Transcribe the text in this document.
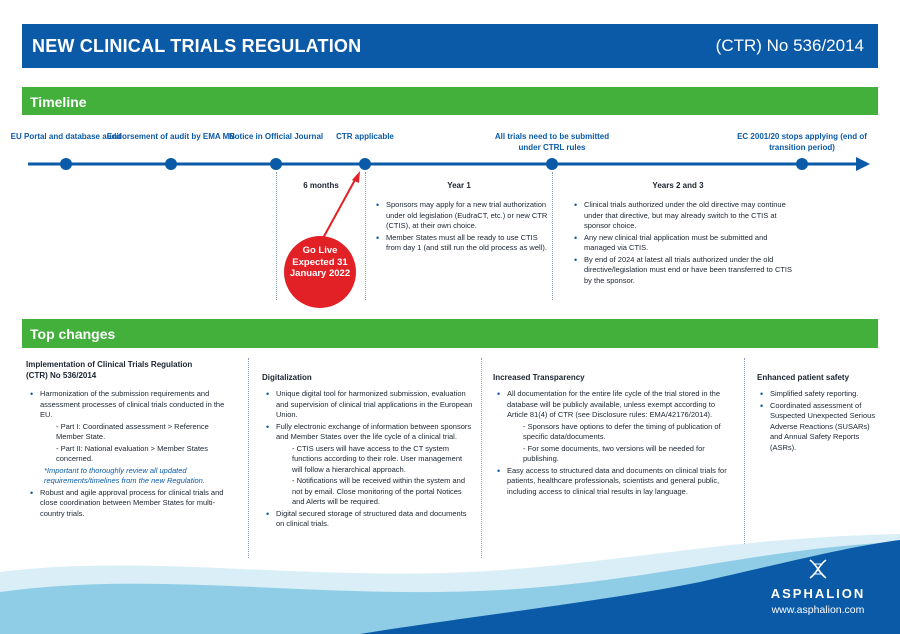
NEW CLINICAL TRIALS REGULATION	(CTR) No 536/2014
Timeline
EU Portal and database audit
Endorsement of audit by EMA MB
Notice in Official Journal	CTR applicable	All trials need to be submitted under CTRL rules
EC 2001/20 stops applying (end of transition period)
6 months	Year 1	Years 2 and 3
Go Live Expected 31 January 2022
• Sponsors may apply for a new trial authorization under old legislation (EudraCT, etc.) or new CTR (CTIS), at their own choice.
• Member States must all be ready to use CTIS from day 1 (and still run the old process as well).
• Clinical trials authorized under the old directive may continue under that directive, but may already switch to the CTIS at sponsor choice.
• Any new clinical trial application must be submitted and managed via CTIS.
• By end of 2024 at latest all trials authorized under the old directive/legislation must end or have been transferred to CTIS by the sponsor.
Top changes
Implementation of Clinical Trials Regulation (CTR) No 536/2014
• Harmonization of the submission requirements and assessment processes of clinical trials conducted in the EU.
- Part I: Coordinated assessment > Reference Member State.
- Part II: National evaluation > Member States concerned.
*Important to thoroughly review all updated requirements/timelines from the new Regulation.
• Robust and agile approval process for clinical trials and close coordination between Member States for multi-country trials.
Digitalization
• Unique digital tool for harmonized submission, evaluation and supervision of clinical trial applications in the European Union.
• Fully electronic exchange of information between sponsors and Member States over the life cycle of a clinical trial.
- CTIS users will have access to the CT system functions according to their role. User management will follow a hierarchical approach.
- Notifications will be received within the system and not by email. Close monitoring of the portal Notices and Alerts will be required.
• Digital secured storage of structured data and documents on clinical trials.
Increased Transparency
• All documentation for the entire life cycle of the trial stored in the database will be publicly available, unless exempt according to Article 81(4) of CTR (see Disclosure rules: EMA/42176/2014).
- Sponsors have options to defer the timing of publication of specific data/documents.
- For some documents, two versions will be needed for publishing.
• Easy access to structured data and documents on clinical trials for patients, healthcare professionals, scientists and general public, including access to clinical trial results in lay language.
Enhanced patient safety
• Simplified safety reporting.
• Coordinated assessment of Suspected Unexpected Serious Adverse Reactions (SUSARs) and Annual Safety Reports (ASRs).
ASPHALION
www.asphalion.com
